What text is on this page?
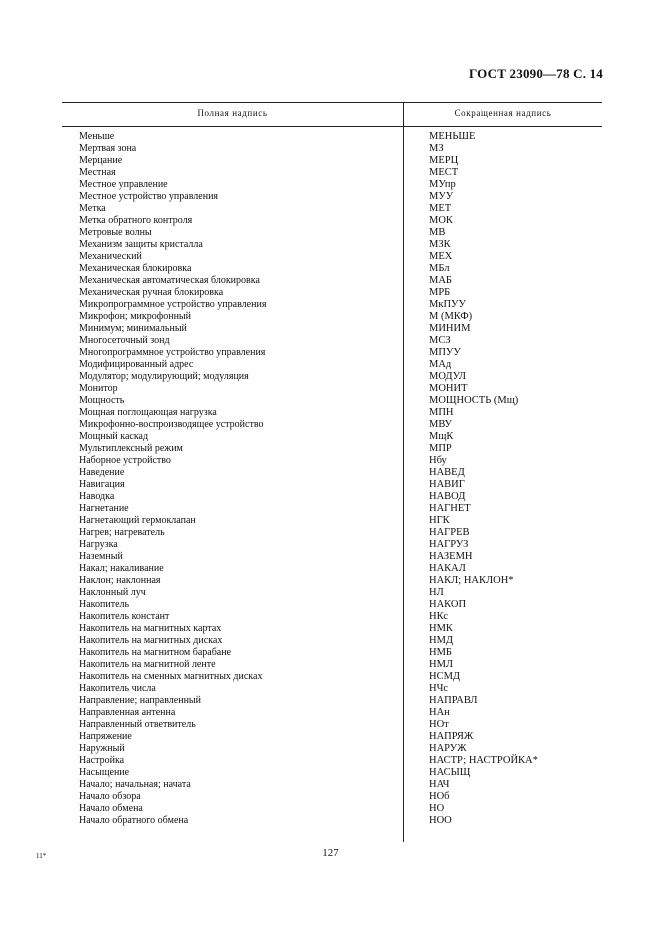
ГОСТ 23090—78 С. 14
Полная надпись	Сокращенная надпись
Меньше	МЕНЬШЕ
Мертвая зона	МЗ
Мерцание	МЕРЦ
Местная	МЕСТ
Местное управление	МУпр
Местное устройство управления	МУУ
Метка	МЕТ
Метка обратного контроля	МОК
Метровые волны	МВ
Механизм защиты кристалла	МЗК
Механический	МЕХ
Механическая блокировка	МБл
Механическая автоматическая блокировка	МАБ
Механическая ручная блокировка	МРБ
Микропрограммное устройство управления	МкПУУ
Микрофон; микрофонный	М (МКФ)
Минимум; минимальный	МИНИМ
Многосеточный зонд	МСЗ
Многопрограммное устройство управления	МПУУ
Модифицированный адрес	МАд
Модулятор; модулирующий; модуляция	МОДУЛ
Монитор	МОНИТ
Мощность	МОЩНОСТЬ (Мщ)
Мощная поглощающая нагрузка	МПН
Микрофонно-воспроизводящее устройство	МВУ
Мощный каскад	МщК
Мультиплексный режим	МПР
Наборное устройство	Нбу
Наведение	НАВЕД
Навигация	НАВИГ
Наводка	НАВОД
Нагнетание	НАГНЕТ
Нагнетающий гермоклапан	НГК
Нагрев; нагреватель	НАГРЕВ
Нагрузка	НАГРУЗ
Наземный	НАЗЕМН
Накал; накаливание	НАКАЛ
Наклон; наклонная	НАКЛ; НАКЛОН*
Наклонный луч	НЛ
Накопитель	НАКОП
Накопитель констант	НКс
Накопитель на магнитных картах	НМК
Накопитель на магнитных дисках	НМД
Накопитель на магнитном барабане	НМБ
Накопитель на магнитной ленте	НМЛ
Накопитель на сменных магнитных дисках	НСМД
Накопитель числа	НЧс
Направление; направленный	НАПРАВЛ
Направленная антенна	НАн
Направленный ответвитель	НОт
Напряжение	НАПРЯЖ
Наружный	НАРУЖ
Настройка	НАСТР; НАСТРОЙКА*
Насыщение	НАСЫЩ
Начало; начальная; начата	НАЧ
Начало обзора	НОб
Начало обмена	НО
Начало обратного обмена	НОО
11*	127
